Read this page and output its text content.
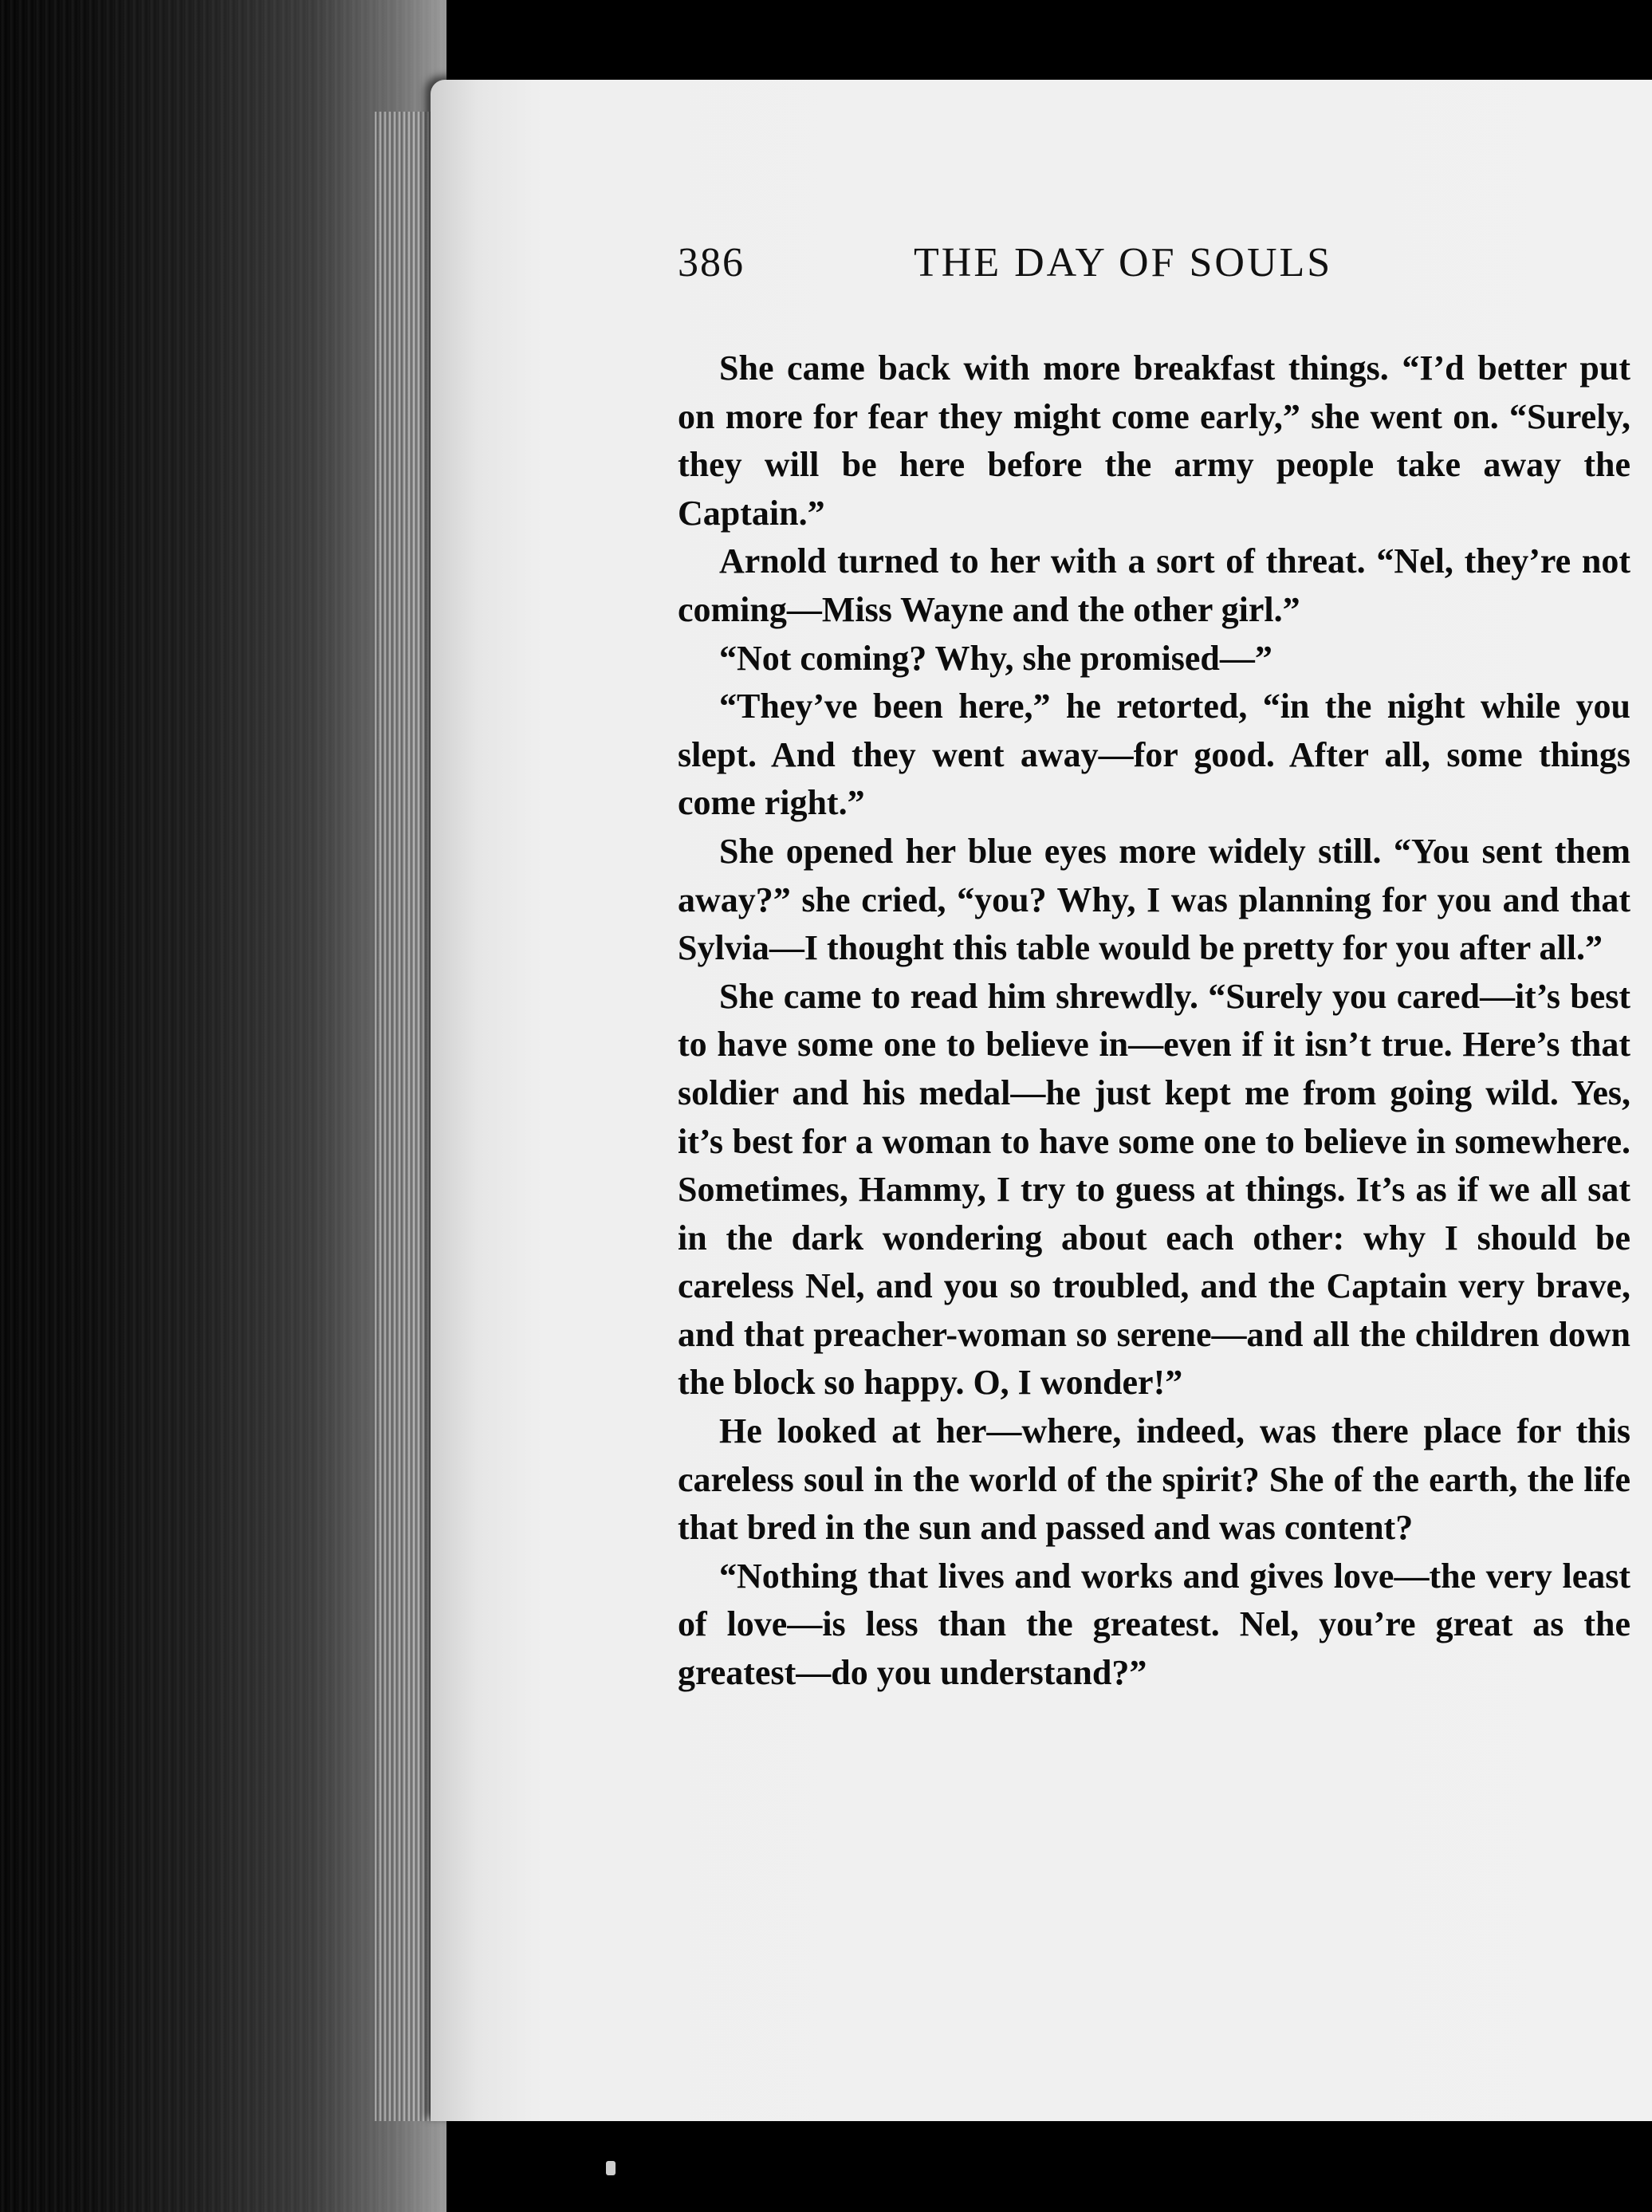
386	THE DAY OF SOULS

She came back with more breakfast things. “I’d better put on more for fear they might come early,” she went on. “Surely, they will be here before the army people take away the Captain.”

Arnold turned to her with a sort of threat. “Nel, they’re not coming—Miss Wayne and the other girl.”

“Not coming? Why, she promised—”

“They’ve been here,” he retorted, “in the night while you slept. And they went away—for good. After all, some things come right.”

She opened her blue eyes more widely still. “You sent them away?” she cried, “you? Why, I was planning for you and that Sylvia—I thought this table would be pretty for you after all.”

She came to read him shrewdly. “Surely you cared—it’s best to have some one to believe in—even if it isn’t true. Here’s that soldier and his medal—he just kept me from going wild. Yes, it’s best for a woman to have some one to believe in somewhere. Sometimes, Hammy, I try to guess at things. It’s as if we all sat in the dark wondering about each other: why I should be careless Nel, and you so troubled, and the Captain very brave, and that preacher-woman so serene—and all the children down the block so happy. O, I wonder!”

He looked at her—where, indeed, was there place for this careless soul in the world of the spirit? She of the earth, the life that bred in the sun and passed and was content?

“Nothing that lives and works and gives love—the very least of love—is less than the greatest. Nel, you’re great as the greatest—do you understand?”
